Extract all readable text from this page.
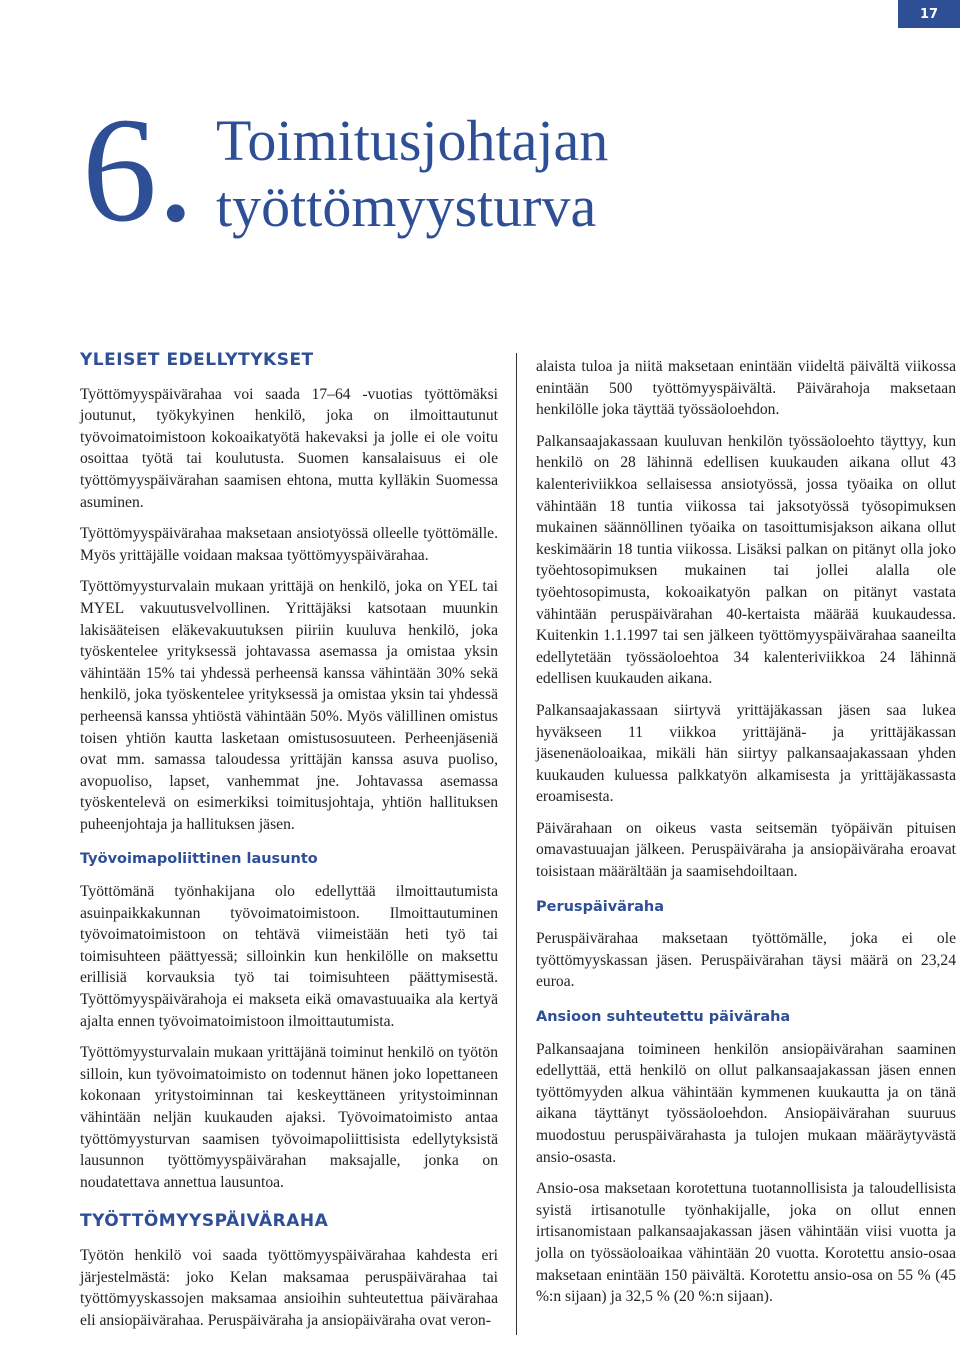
17
6. Toimitusjohtajan
työttömyysturva
YLEISET EDELLYTYKSET

Työttömyyspäivärahaa voi saada 17–64 -vuotias työttömäksi joutunut, työkykyinen henkilö, joka on ilmoittautunut työvoimatoimistoon kokoaikatyötä hakevaksi ja jolle ei ole voitu osoittaa työtä tai koulutusta. Suomen kansalaisuus ei ole työttömyyspäivärahan saamisen ehtona, mutta kylläkin Suomessa asuminen.

Työttömyyspäivärahaa maksetaan ansiotyössä olleelle työttömälle. Myös yrittäjälle voidaan maksaa työttömyyspäivärahaa.

Työttömyysturvalain mukaan yrittäjä on henkilö, joka on YEL tai MYEL vakuutusvelvollinen. Yrittäjäksi katsotaan muunkin lakisääteisen eläkevakuutuksen piiriin kuuluva henkilö, joka työskentelee yrityksessä johtavassa asemassa ja omistaa yksin vähintään 15% tai yhdessä perheensä kanssa vähintään 30% sekä henkilö, joka työskentelee yrityksessä ja omistaa yksin tai yhdessä perheensä kanssa yhtiöstä vähintään 50%. Myös välillinen omistus toisen yhtiön kautta lasketaan omistusosuuteen. Perheenjäseniä ovat mm. samassa taloudessa yrittäjän kanssa asuva puoliso, avopuoliso, lapset, vanhemmat jne. Johtavassa asemassa työskentelevä on esimerkiksi toimitusjohtaja, yhtiön hallituksen puheenjohtaja ja hallituksen jäsen.

Työvoimapoliittinen lausunto

Työttömänä työnhakijana olo edellyttää ilmoittautumista asuinpaikkakunnan työvoimatoimistoon. Ilmoittautuminen työvoimatoimistoon on tehtävä viimeistään heti työ tai toimisuhteen päättyessä; silloinkin kun henkilölle on maksettu erillisiä korvauksia työ tai toimisuhteen päättymisestä. Työttömyyspäivärahoja ei makseta eikä omavastuuaika ala kertyä ajalta ennen työvoimatoimistoon ilmoittautumista.

Työttömyysturvalain mukaan yrittäjänä toiminut henkilö on työtön silloin, kun työvoimatoimisto on todennut hänen joko lopettaneen kokonaan yritystoiminnan tai keskeyttäneen yritystoiminnan vähintään neljän kuukauden ajaksi. Työvoimatoimisto antaa työttömyysturvan saamisen työvoimapoliittisista edellytyksistä lausunnon työttömyyspäivärahan maksajalle, jonka on noudatettava annettua lausuntoa.

TYÖTTÖMYYSPÄIVÄRAHA

Työtön henkilö voi saada työttömyyspäivärahaa kahdesta eri järjestelmästä: joko Kelan maksamaa peruspäivärahaa tai työttömyyskassojen maksamaa ansioihin suhteutettua päivärahaa eli ansiopäivärahaa. Peruspäiväraha ja ansiopäiväraha ovat veron-

alaista tuloa ja niitä maksetaan enintään viideltä päivältä viikossa enintään 500 työttömyyspäivältä. Päivärahoja maksetaan henkilölle joka täyttää työssäoloehdon.

Palkansaajakassaan kuuluvan henkilön työssäoloehto täyttyy, kun henkilö on 28 lähinnä edellisen kuukauden aikana ollut 43 kalenteriviikkoa sellaisessa ansiotyössä, jossa työaika on ollut vähintään 18 tuntia viikossa tai jaksotyössä työsopimuksen mukainen säännöllinen työaika on tasoittumisjakson aikana ollut keskimäärin 18 tuntia viikossa. Lisäksi palkan on pitänyt olla joko työehtosopimuksen mukainen tai jollei alalla ole työehtosopimusta, kokoaikatyön palkan on pitänyt vastata vähintään peruspäivärahan 40-kertaista määrää kuukaudessa. Kuitenkin 1.1.1997 tai sen jälkeen työttömyyspäivärahaa saaneilta edellytetään työssäoloehtoa 34 kalenteriviikkoa 24 lähinnä edellisen kuukauden aikana.

Palkansaajakassaan siirtyvä yrittäjäkassan jäsen saa lukea hyväkseen 11 viikkoa yrittäjänä- ja yrittäjäkassan jäsenenäoloaikaa, mikäli hän siirtyy palkansaajakassaan yhden kuukauden kuluessa palkkatyön alkamisesta ja yrittäjäkassasta eroamisesta.

Päivärahaan on oikeus vasta seitsemän työpäivän pituisen omavastuuajan jälkeen. Peruspäiväraha ja ansiopäiväraha eroavat toisistaan määrältään ja saamisehdoiltaan.

Peruspäiväraha

Peruspäivärahaa maksetaan työttömälle, joka ei ole työttömyyskassan jäsen. Peruspäivärahan täysi määrä on 23,24 euroa.

Ansioon suhteutettu päiväraha

Palkansaajana toimineen henkilön ansiopäivärahan saaminen edellyttää, että henkilö on ollut palkansaajakassan jäsen ennen työttömyyden alkua vähintään kymmenen kuukautta ja on tänä aikana täyttänyt työssäoloehdon. Ansiopäivärahan suuruus muodostuu peruspäivärahasta ja tulojen mukaan määräytyvästä ansio-osasta.

Ansio-osa maksetaan korotettuna tuotannollisista ja taloudellisista syistä irtisanotulle työnhakijalle, joka on ollut ennen irtisanomistaan palkansaajakassan jäsen vähintään viisi vuotta ja jolla on työssäoloaikaa vähintään 20 vuotta. Korotettu ansio-osaa maksetaan enintään 150 päivältä. Korotettu ansio-osa on 55 % (45 %:n sijaan) ja 32,5 % (20 %:n sijaan).
